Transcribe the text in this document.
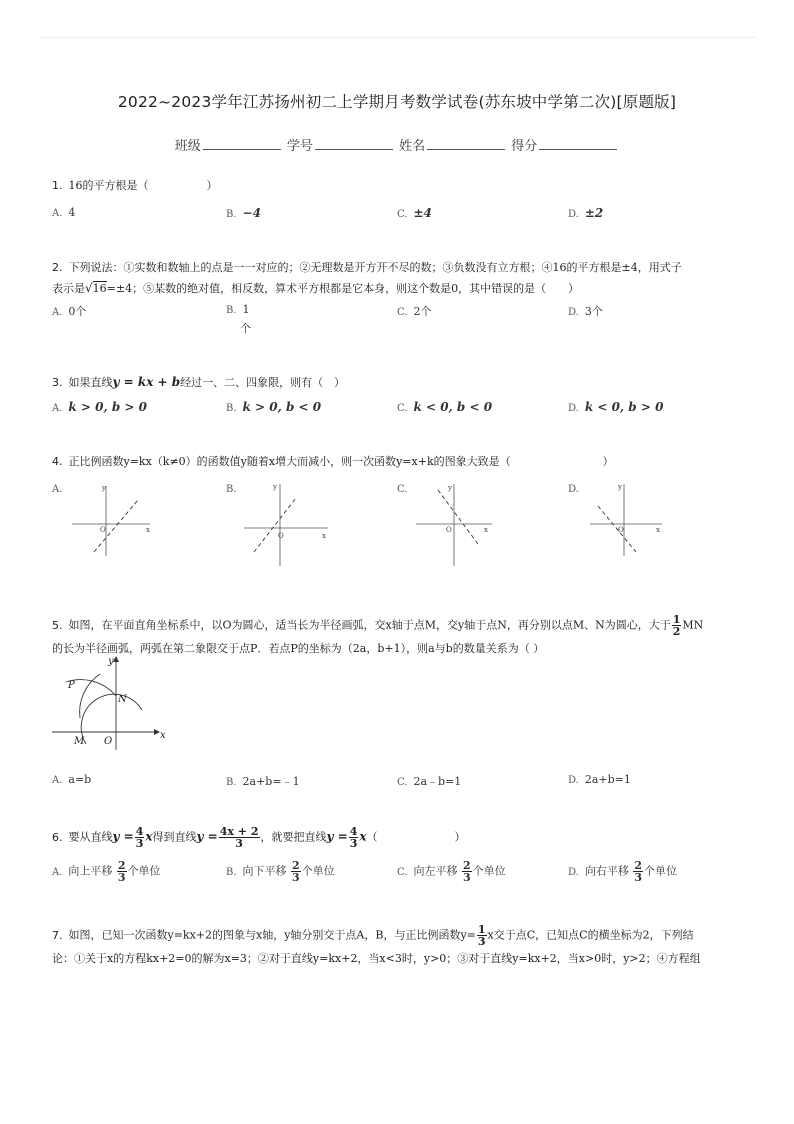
2022~2023学年江苏扬州初二上学期月考数学试卷(苏东坡中学第二次)[原题版]
班级	学号	姓名	得分
1. 16的平方根是（	）
A. 4	B. −4	C. ±4	D. ±2
2. 下列说法：①实数和数轴上的点是一一对应的；②无理数是开方开不尽的数；③负数没有立方根；④16的平方根是±4，用式子
表示是√16=±4；⑤某数的绝对值，相反数，算术平方根都是它本身，则这个数是0，其中错误的是（　　）
A. 0个	B. 1
个
C. 2个	D. 3个
3. 如果直线y = kx + b经过一、二、四象限，则有（　）
A. k > 0, b > 0	B. k > 0, b < 0	C. k < 0, b < 0	D. k < 0, b > 0
4. 正比例函数y=kx（k≠0）的函数值y随着x增大而减小，则一次函数y=x+k的图象大致是（	）
A.	B.	C.	D.
y
x
O
y
x
O
y
x
O
y
x
O
5. 如图，在平面直角坐标系中，以O为圆心，适当长为半径画弧，交x轴于点M，交y轴于点N，再分别以点M、N为圆心，大于 $\frac{1}{2}$ MN
的长为半径画弧，两弧在第二象限交于点P．若点P的坐标为（2a，b+1），则a与b的数量关系为（ ）
y
x
O
P
N
M
A. a=b	B. 2a+b=﹣1	C. 2a﹣b=1	D. 2a+b=1
6. 要从直线$y = \frac{4}{3}$ x得到直线$y = \frac{4x + 2}{3}$ ，就要把直线$y = \frac{4}{3} x$（　　　　　　　）
A. 向上平移 $\frac{2}{3}$ 个单位	B. 向下平移 $\frac{2}{3}$ 个单位	C. 向左平移 $\frac{2}{3}$ 个单位	D. 向右平移 $\frac{2}{3}$ 个单位
7. 如图，已知一次函数y=kx+2的图象与x轴，y轴分别交于点A，B，与正比例函数$y= \frac{1}{3}$ x交于点C，已知点C的横坐标为2，下列结
论：①关于x的方程kx+2=0的解为x=3；②对于直线y=kx+2，当x<3时，y>0；③对于直线y=kx+2，当x>0时，y>2；④方程组
